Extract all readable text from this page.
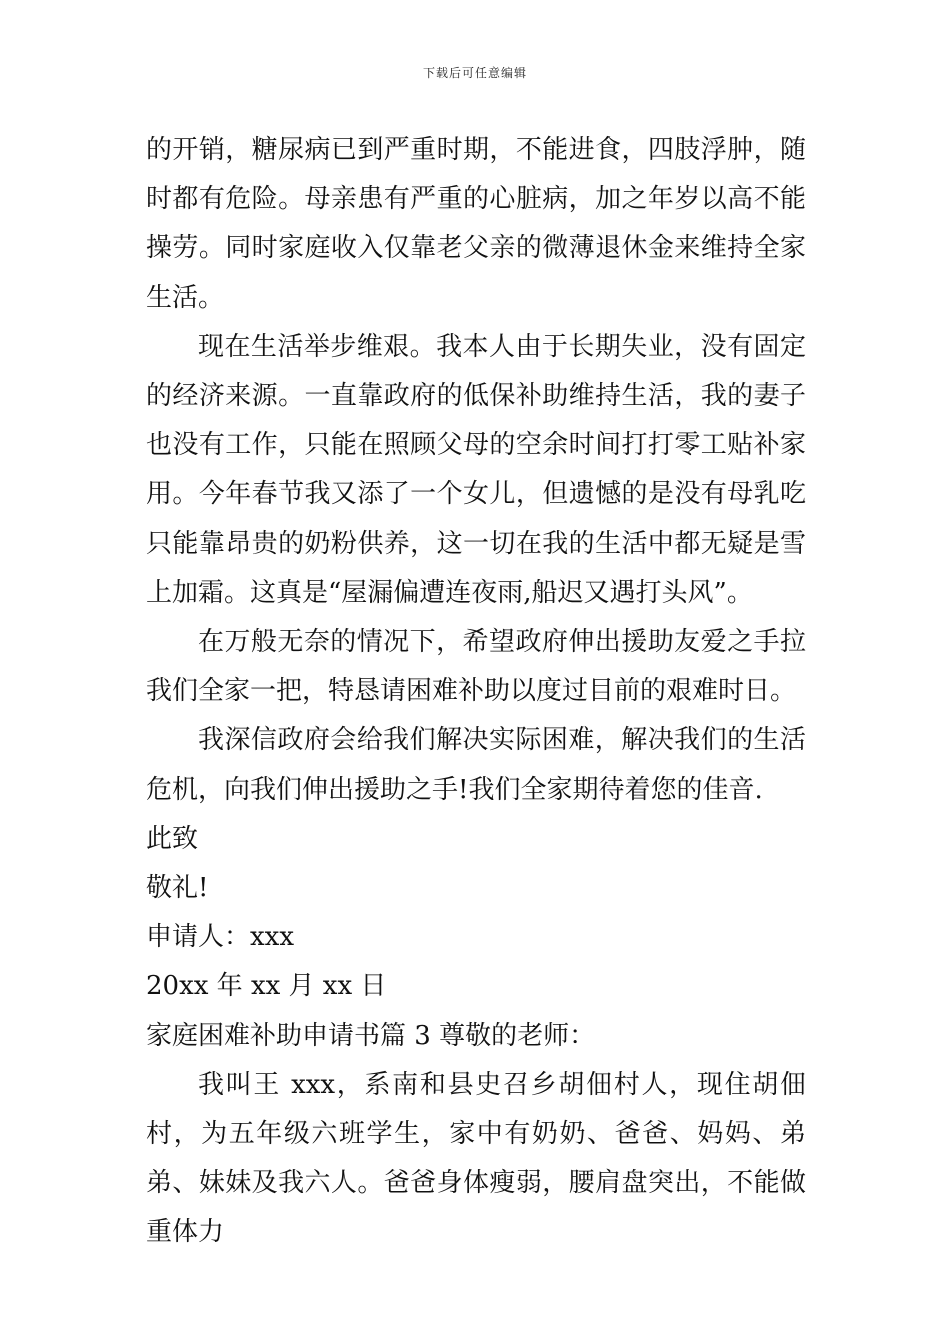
下载后可任意编辑

的开销，糖尿病已到严重时期，不能进食，四肢浮肿，随时都有危险。母亲患有严重的心脏病，加之年岁以高不能操劳。同时家庭收入仅靠老父亲的微薄退休金来维持全家生活。

现在生活举步维艰。我本人由于长期失业，没有固定的经济来源。一直靠政府的低保补助维持生活，我的妻子也没有工作，只能在照顾父母的空余时间打打零工贴补家用。今年春节我又添了一个女儿，但遗憾的是没有母乳吃只能靠昂贵的奶粉供养，这一切在我的生活中都无疑是雪上加霜。这真是“屋漏偏遭连夜雨,船迟又遇打头风”。

在万般无奈的情况下，希望政府伸出援助友爱之手拉我们全家一把，特恳请困难补助以度过目前的艰难时日。

我深信政府会给我们解决实际困难，解决我们的生活危机，向我们伸出援助之手!我们全家期待着您的佳音.

此致

敬礼!

申请人：xxx

20xx 年 xx 月 xx 日

家庭困难补助申请书篇 3 尊敬的老师：

我叫王 xxx，系南和县史召乡胡佃村人，现住胡佃村，为五年级六班学生，家中有奶奶、爸爸、妈妈、弟弟、妹妹及我六人。爸爸身体瘦弱，腰肩盘突出，不能做重体力
